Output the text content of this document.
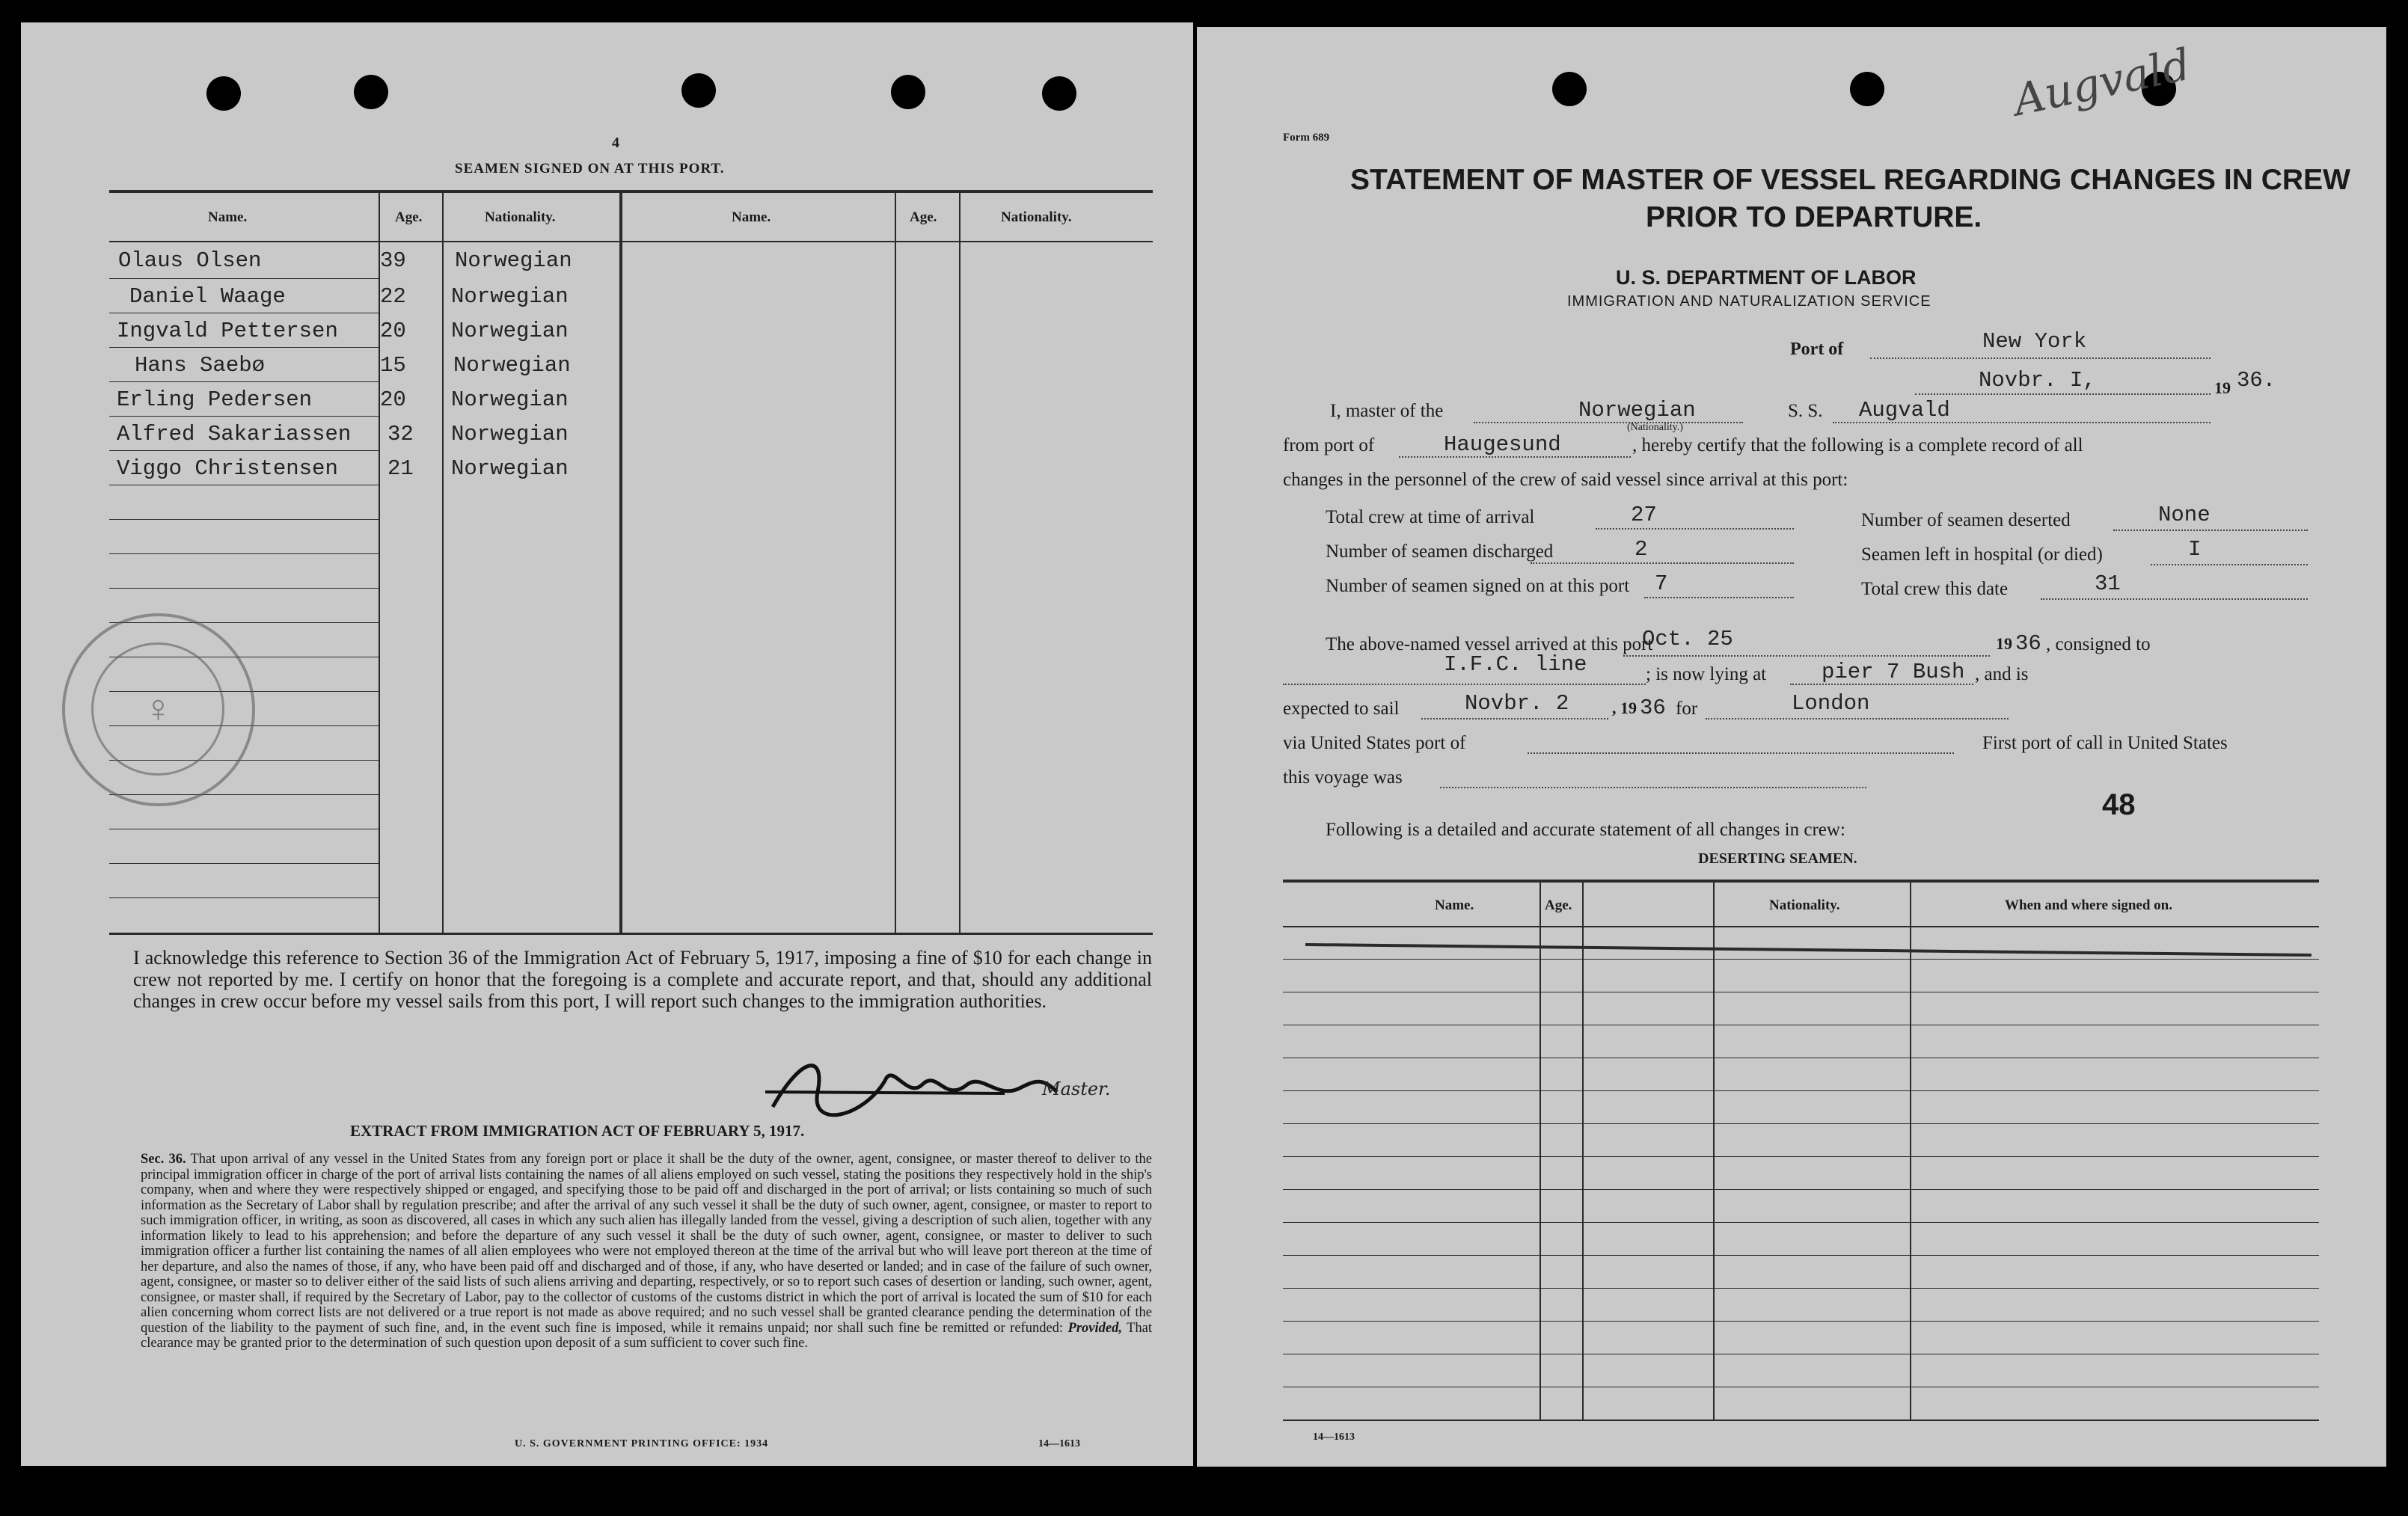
4
SEAMEN SIGNED ON AT THIS PORT.
Name.	Age.	Nationality.	Name.	Age.	Nationality.
Olaus Olsen	39 Norwegian
Daniel Waage	22 Norwegian
Ingvald Pettersen 20 Norwegian
Hans Saebø	15 Norwegian
Erling Pedersen	20 Norwegian
Alfred Sakariassen 32 Norwegian
Viggo Christensen 21 Norwegian
♀

I acknowledge this reference to Section 36 of the Immigration Act of February 5, 1917, imposing a fine of $10 for each change in crew not reported by me. I certify on honor that the foregoing is a complete and accurate report, and that, should any additional changes in crew occur before my vessel sails from this port, I will report such changes to the immigration authorities.

Master.
EXTRACT FROM IMMIGRATION ACT OF FEBRUARY 5, 1917.
Sec. 36. That upon arrival of any vessel in the United States from any foreign port or place it shall be the duty of the owner, agent, consignee, or master thereof to deliver to the principal immigration officer in charge of the port of arrival lists containing the names of all aliens employed on such vessel, stating the positions they respectively hold in the ship's company, when and where they were respectively shipped or engaged, and specifying those to be paid off and discharged in the port of arrival; or lists containing so much of such information as the Secretary of Labor shall by regulation prescribe; and after the arrival of any such vessel it shall be the duty of such owner, agent, consignee, or master to report to such immigration officer, in writing, as soon as discovered, all cases in which any such alien has illegally landed from the vessel, giving a description of such alien, together with any information likely to lead to his apprehension; and before the departure of any such vessel it shall be the duty of such owner, agent, consignee, or master to deliver to such immigration officer a further list containing the names of all alien employees who were not employed thereon at the time of the arrival but who will leave port thereon at the time of her departure, and also the names of those, if any, who have been paid off and discharged and of those, if any, who have deserted or landed; and in case of the failure of such owner, agent, consignee, or master so to deliver either of the said lists of such aliens arriving and departing, respectively, or so to report such cases of desertion or landing, such owner, agent, consignee, or master shall, if required by the Secretary of Labor, pay to the collector of customs of the customs district in which the port of arrival is located the sum of $10 for each alien concerning whom correct lists are not delivered or a true report is not made as above required; and no such vessel shall be granted clearance pending the determination of the question of the liability to the payment of such fine, and, in the event such fine is imposed, while it remains unpaid; nor shall such fine be remitted or refunded: Provided, That clearance may be granted prior to the determination of such question upon deposit of a sum sufficient to cover such fine.
U. S. GOVERNMENT PRINTING OFFICE: 1934	14—1613
Augvald
Form 689
STATEMENT OF MASTER OF VESSEL REGARDING CHANGES IN CREW
PRIOR TO DEPARTURE.
U. S. DEPARTMENT OF LABOR
IMMIGRATION AND NATURALIZATION SERVICE
Port of	New York
Novbr. I,	19 36.
I, master of the	Norwegian
(Nationality.)
S. S. Augvald
from port of	Haugesund	, hereby certify that the following is a complete record of all
changes in the personnel of the crew of said vessel since arrival at this port:
Total crew at time of arrival	27	Number of seamen deserted	None
Number of seamen discharged	2	Seamen left in hospital (or died)	I
Number of seamen signed on at this port 7	Total crew this date	31
The above-named vessel arrived at this port
Oct. 25	19 36 , consigned to
I.F.C. line	; is now lying at	pier 7 Bush , and is
expected to sail	Novbr. 2	, 19 36 for	London
via United States port of	First port of call in United States
this voyage was
48
Following is a detailed and accurate statement of all changes in crew:
DESERTING SEAMEN.
Name.	Age.	Nationality.	When and where signed on.
14—1613
